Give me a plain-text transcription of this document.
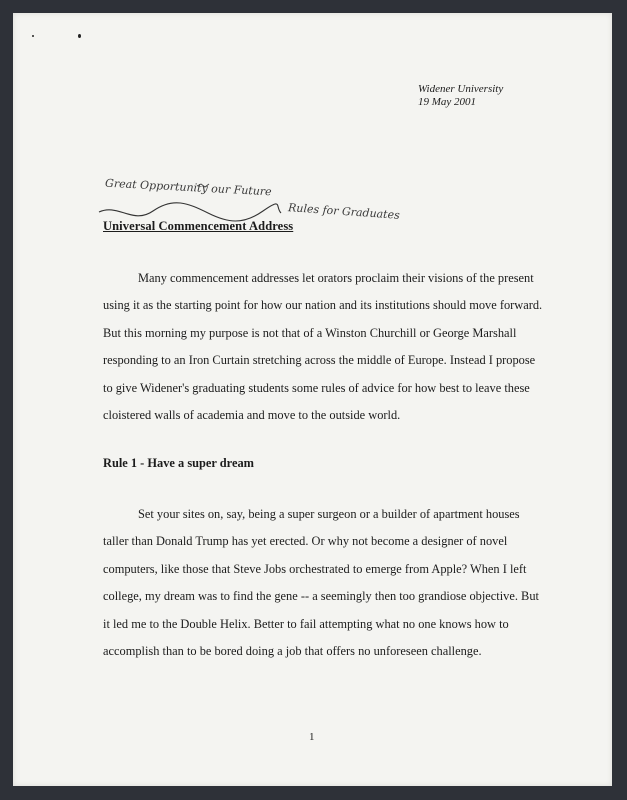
Widener University
19 May 2001
Great Opportunity our Future
Rules for Graduates
Universal Commencement Address

Many commencement addresses let orators proclaim their visions of the present

using it as the starting point for how our nation and its institutions should move forward.

But this morning my purpose is not that of a Winston Churchill or George Marshall

responding to an Iron Curtain stretching across the middle of Europe. Instead I propose

to give Widener's graduating students some rules of advice for how best to leave these

cloistered walls of academia and move to the outside world.

Rule 1 - Have a super dream

Set your sites on, say, being a super surgeon or a builder of apartment houses

taller than Donald Trump has yet erected. Or why not become a designer of novel

computers, like those that Steve Jobs orchestrated to emerge from Apple? When I left

college, my dream was to find the gene -- a seemingly then too grandiose objective. But

it led me to the Double Helix. Better to fail attempting what no one knows how to

accomplish than to be bored doing a job that offers no unforeseen challenge.

1
